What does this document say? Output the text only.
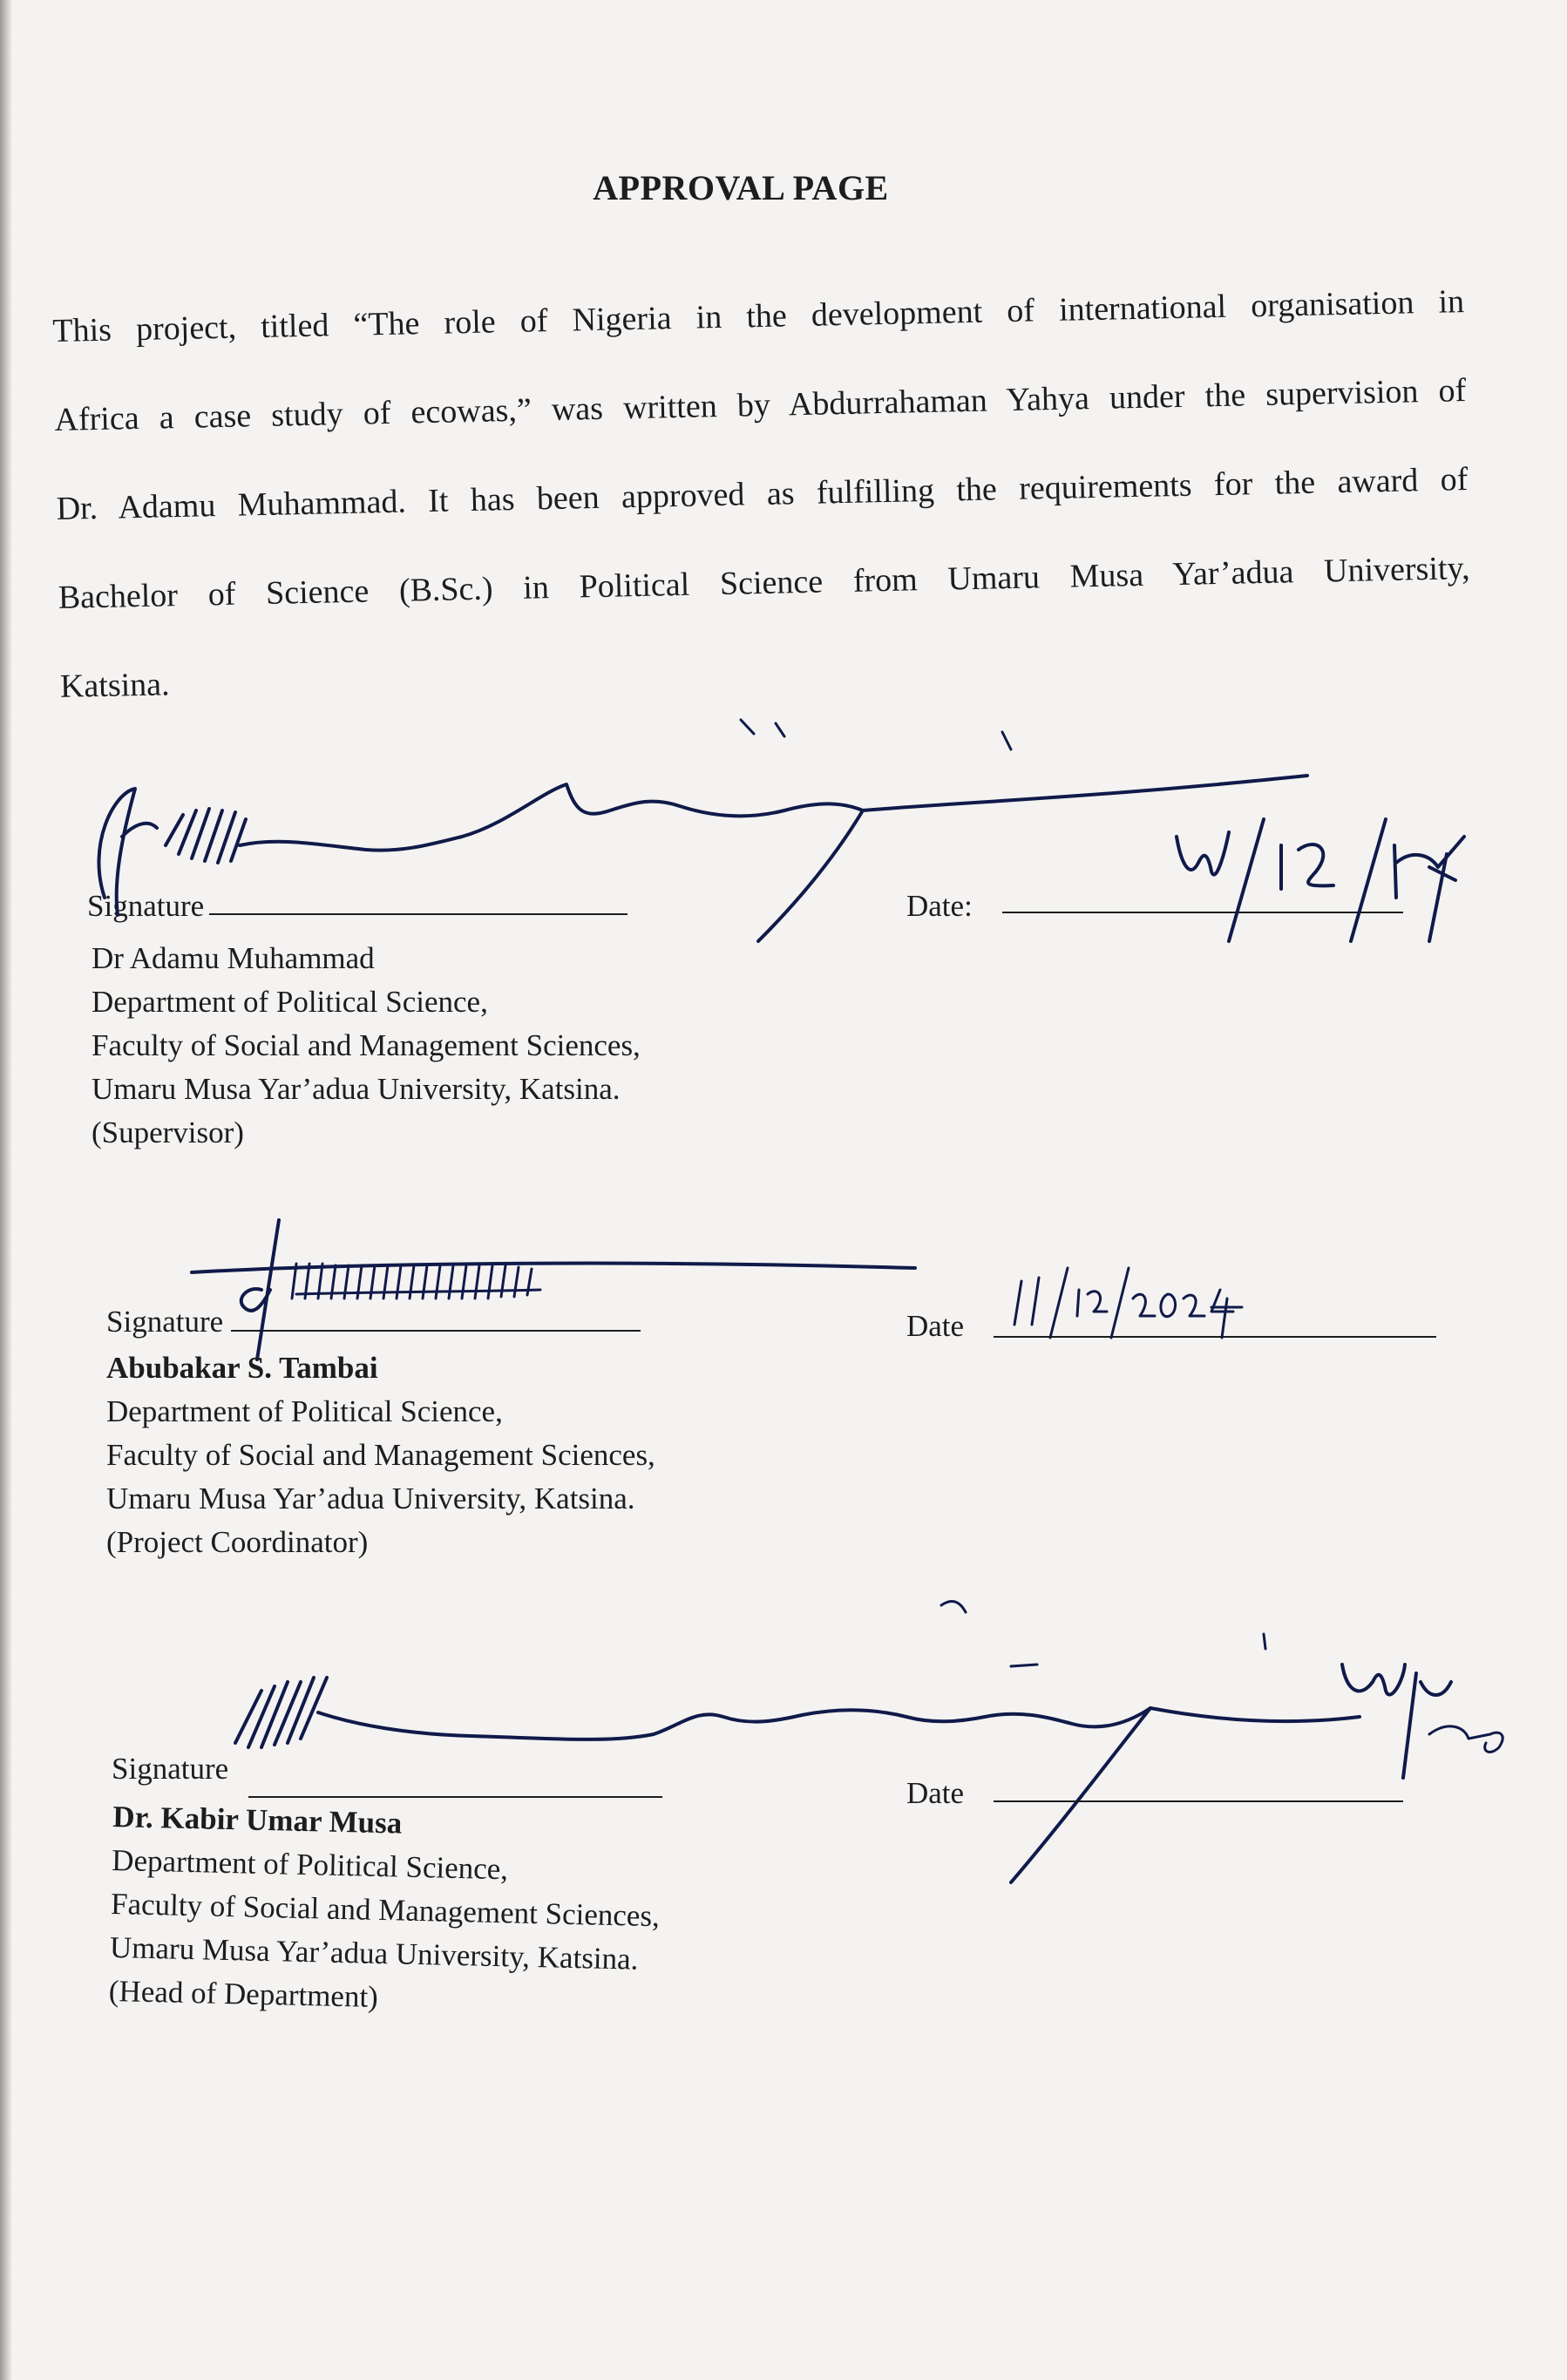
APPROVAL PAGE
This project, titled “The role of Nigeria in the development of international organisation in
Africa a case study of ecowas,” was written by Abdurrahaman Yahya under the supervision of
Dr. Adamu Muhammad. It has been approved as fulfilling the requirements for the award of
Bachelor of Science (B.Sc.) in Political Science from Umaru Musa Yar’adua University,
Katsina.
Signature	Date:
Dr Adamu Muhammad
Department of Political Science,
Faculty of Social and Management Sciences,
Umaru Musa Yar’adua University, Katsina.
(Supervisor)
Signature	Date
Abubakar S. Tambai
Department of Political Science,
Faculty of Social and Management Sciences,
Umaru Musa Yar’adua University, Katsina.
(Project Coordinator)
Signature
Date
Dr. Kabir Umar Musa
Department of Political Science,
Faculty of Social and Management Sciences,
Umaru Musa Yar’adua University, Katsina.
(Head of Department)
